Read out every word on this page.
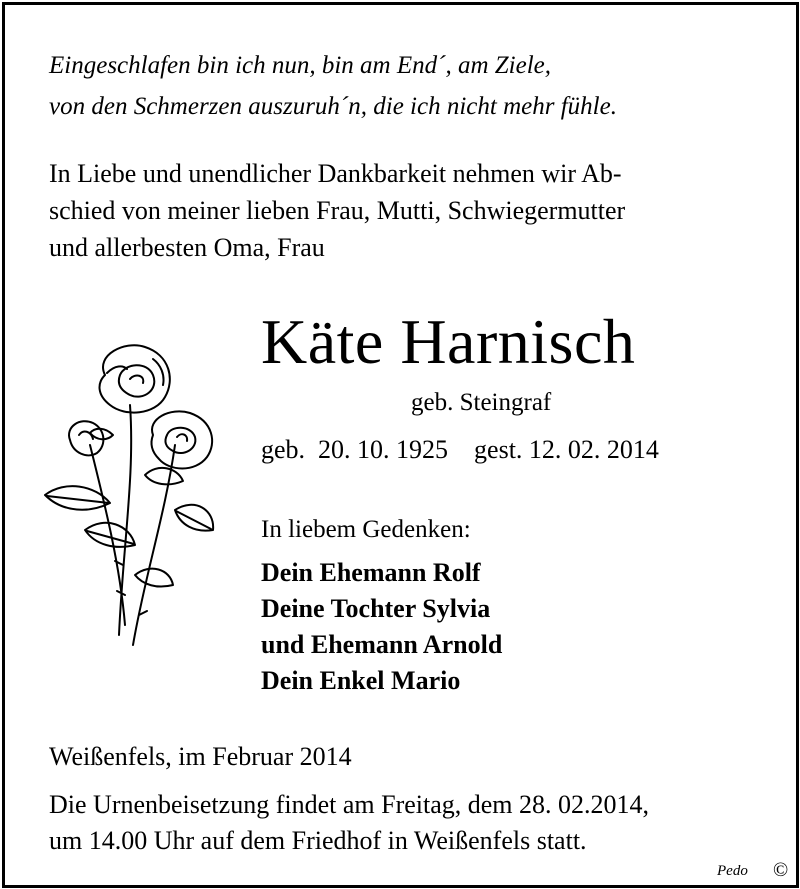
Eingeschlafen bin ich nun, bin am End´, am Ziele,
von den Schmerzen auszuruh´n, die ich nicht mehr fühle.
In Liebe und unendlicher Dankbarkeit nehmen wir Ab-
schied von meiner lieben Frau, Mutti, Schwiegermutter
und allerbesten Oma, Frau
Käte Harnisch
geb. Steingraf
geb.  20. 10. 1925    gest. 12. 02. 2014
In liebem Gedenken:
Dein Ehemann Rolf
Deine Tochter Sylvia
und Ehemann Arnold
Dein Enkel Mario
Weißenfels, im Februar 2014
Die Urnenbeisetzung findet am Freitag, dem 28. 02.2014,
um 14.00 Uhr auf dem Friedhof in Weißenfels statt.
Pedo ©
